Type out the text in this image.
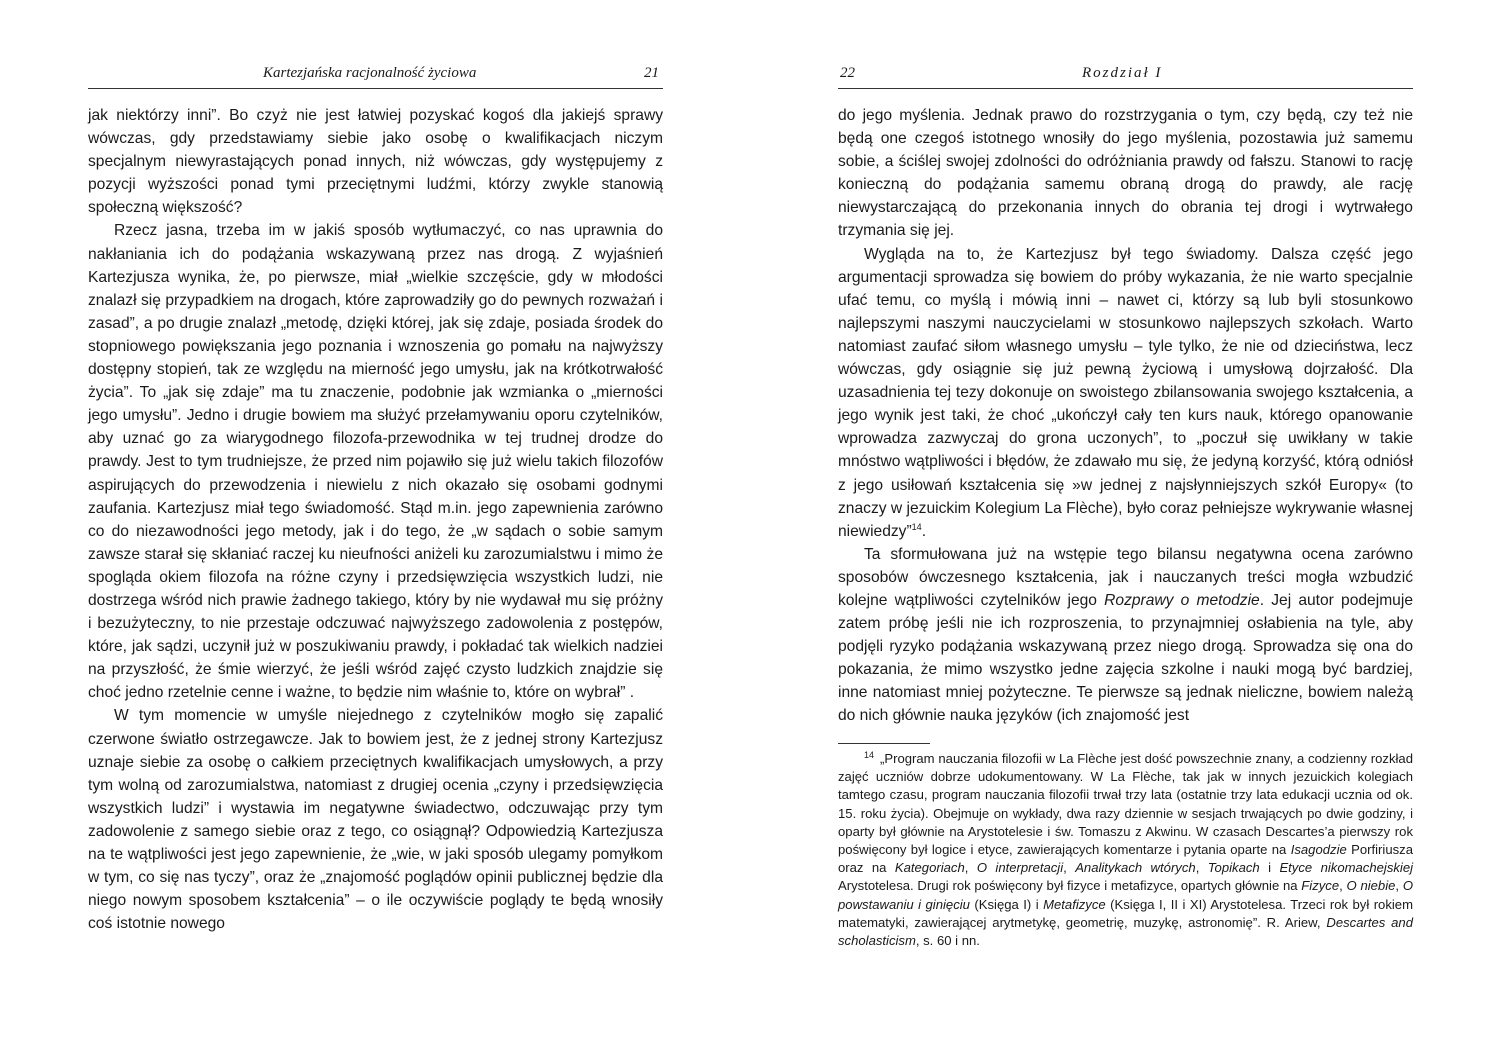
Kartezjańska racjonalność życiowa	21

jak niektórzy inni”. Bo czyż nie jest łatwiej pozyskać kogoś dla jakiejś sprawy wówczas, gdy przedstawiamy siebie jako osobę o kwalifikacjach niczym specjalnym niewyrastających ponad innych, niż wówczas, gdy występujemy z pozycji wyższości ponad tymi przeciętnymi ludźmi, którzy zwykle stanowią społeczną większość?

Rzecz jasna, trzeba im w jakiś sposób wytłumaczyć, co nas uprawnia do nakłaniania ich do podążania wskazywaną przez nas drogą. Z wyjaśnień Kartezjusza wynika, że, po pierwsze, miał „wielkie szczęście, gdy w młodości znalazł się przypadkiem na drogach, które zaprowadziły go do pewnych rozważań i zasad”, a po drugie znalazł „metodę, dzięki której, jak się zdaje, posiada środek do stopniowego powiększania jego poznania i wznoszenia go pomału na najwyższy dostępny stopień, tak ze względu na mierność jego umysłu, jak na krótkotrwałość życia”. To „jak się zdaje” ma tu znaczenie, podobnie jak wzmianka o „mierności jego umysłu”. Jedno i drugie bowiem ma służyć przełamywaniu oporu czytelników, aby uznać go za wiarygodnego filozofa-przewodnika w tej trudnej drodze do prawdy. Jest to tym trudniejsze, że przed nim pojawiło się już wielu takich filozofów aspirujących do przewodzenia i niewielu z nich okazało się osobami godnymi zaufania. Kartezjusz miał tego świadomość. Stąd m.in. jego zapewnienia zarówno co do niezawodności jego metody, jak i do tego, że „w sądach o sobie samym zawsze starał się skłaniać raczej ku nieufności aniżeli ku zarozumialstwu i mimo że spogląda okiem filozofa na różne czyny i przedsięwzięcia wszystkich ludzi, nie dostrzega wśród nich prawie żadnego takiego, który by nie wydawał mu się próżny i bezużyteczny, to nie przestaje odczuwać najwyższego zadowolenia z postępów, które, jak sądzi, uczynił już w poszukiwaniu prawdy, i pokładać tak wielkich nadziei na przyszłość, że śmie wierzyć, że jeśli wśród zajęć czysto ludzkich znajdzie się choć jedno rzetelnie cenne i ważne, to będzie nim właśnie to, które on wybrał” .

W tym momencie w umyśle niejednego z czytelników mogło się zapalić czerwone światło ostrzegawcze. Jak to bowiem jest, że z jednej strony Kartezjusz uznaje siebie za osobę o całkiem przeciętnych kwalifikacjach umysłowych, a przy tym wolną od zarozumialstwa, natomiast z drugiej ocenia „czyny i przedsięwzięcia wszystkich ludzi” i wystawia im negatywne świadectwo, odczuwając przy tym zadowolenie z samego siebie oraz z tego, co osiągnął? Odpowiedzią Kartezjusza na te wątpliwości jest jego zapewnienie, że „wie, w jaki sposób ulegamy pomyłkom w tym, co się nas tyczy”, oraz że „znajomość poglądów opinii publicznej będzie dla niego nowym sposobem kształcenia” – o ile oczywiście poglądy te będą wnosiły coś istotnie nowego

22	Rozdział I

do jego myślenia. Jednak prawo do rozstrzygania o tym, czy będą, czy też nie będą one czegoś istotnego wnosiły do jego myślenia, pozostawia już samemu sobie, a ściślej swojej zdolności do odróżniania prawdy od fałszu. Stanowi to rację konieczną do podążania samemu obraną drogą do prawdy, ale rację niewystarczającą do przekonania innych do obrania tej drogi i wytrwałego trzymania się jej.

Wygląda na to, że Kartezjusz był tego świadomy. Dalsza część jego argumentacji sprowadza się bowiem do próby wykazania, że nie warto specjalnie ufać temu, co myślą i mówią inni – nawet ci, którzy są lub byli stosunkowo najlepszymi naszymi nauczycielami w stosunkowo najlepszych szkołach. Warto natomiast zaufać siłom własnego umysłu – tyle tylko, że nie od dzieciństwa, lecz wówczas, gdy osiągnie się już pewną życiową i umysłową dojrzałość. Dla uzasadnienia tej tezy dokonuje on swoistego zbilansowania swojego kształcenia, a jego wynik jest taki, że choć „ukończył cały ten kurs nauk, którego opanowanie wprowadza zazwyczaj do grona uczonych”, to „poczuł się uwikłany w takie mnóstwo wątpliwości i błędów, że zdawało mu się, że jedyną korzyść, którą odniósł z jego usiłowań kształcenia się »w jednej z najsłynniejszych szkół Europy« (to znaczy w jezuickim Kolegium La Flèche), było coraz pełniejsze wykrywanie własnej niewiedzy”$^{14}$.

Ta sformułowana już na wstępie tego bilansu negatywna ocena zarówno sposobów ówczesnego kształcenia, jak i nauczanych treści mogła wzbudzić kolejne wątpliwości czytelników jego Rozprawy o metodzie. Jej autor podejmuje zatem próbę jeśli nie ich rozproszenia, to przynajmniej osłabienia na tyle, aby podjęli ryzyko podążania wskazywaną przez niego drogą. Sprowadza się ona do pokazania, że mimo wszystko jedne zajęcia szkolne i nauki mogą być bardziej, inne natomiast mniej pożyteczne. Te pierwsze są jednak nieliczne, bowiem należą do nich głównie nauka języków (ich znajomość jest

$^{14}$ „Program nauczania filozofii w La Flèche jest dość powszechnie znany, a codzienny rozkład zajęć uczniów dobrze udokumentowany. W La Flèche, tak jak w innych jezuickich kolegiach tamtego czasu, program nauczania filozofii trwał trzy lata (ostatnie trzy lata edukacji ucznia od ok. 15. roku życia). Obejmuje on wykłady, dwa razy dziennie w sesjach trwających po dwie godziny, i oparty był głównie na Arystotelesie i św. Tomaszu z Akwinu. W czasach Descartes’a pierwszy rok poświęcony był logice i etyce, zawierających komentarze i pytania oparte na Isagodzie Porfiriusza oraz na Kategoriach, O interpretacji, Analitykach wtórych, Topikach i Etyce nikomachejskiej Arystotelesa. Drugi rok poświęcony był fizyce i metafizyce, opartych głównie na Fizyce, O niebie, O powstawaniu i ginięciu (Księga I) i Metafizyce (Księga I, II i XI) Arystotelesa. Trzeci rok był rokiem matematyki, zawierającej arytmetykę, geometrię, muzykę, astronomię”. R. Ariew, Descartes and scholasticism, s. 60 i nn.
